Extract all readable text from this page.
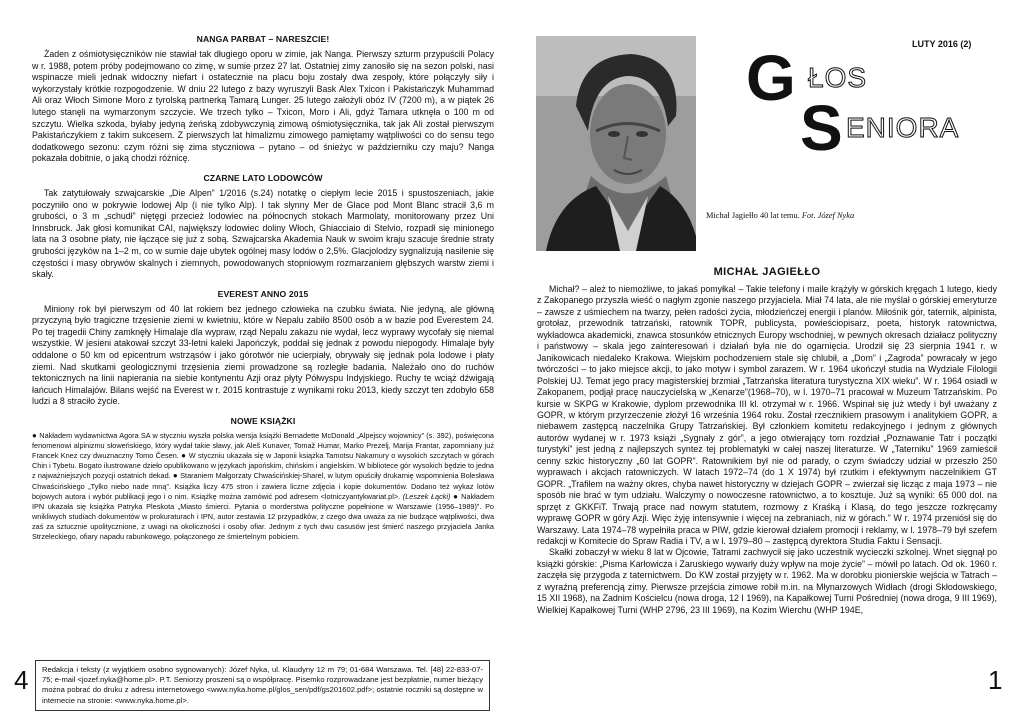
NANGA PARBAT – NARESZCIE!

Żaden z ośmiotysięczników nie stawiał tak długiego oporu w zimie, jak Nanga. Pierwszy szturm przypuścili Polacy w r. 1988, potem próby podejmowano co zimę, w sumie przez 27 lat. Ostatniej zimy zanosiło się na sezon polski, nasi wspinacze mieli jednak widoczny niefart i ostatecznie na placu boju zostały dwa zespoły, które połączyły siły i wykorzystały krótkie rozpogodzenie. W dniu 22 lutego z bazy wyruszyli Bask Alex Txicon i Pakistańczyk Muhammad Ali oraz Włoch Simone Moro z tyrolską partnerką Tamarą Lunger. 25 lutego założyli obóz IV (7200 m), a w piątek 26 lutego stanęli na wymarzonym szczycie. We trzech tylko – Txicon, Moro i Ali, gdyż Tamara utknęła o 100 m od szczytu. Wielka szkoda, byłaby jedyną żeńską zdobywczynią zimową ośmiotysięcznika, tak jak Ali został pierwszym Pakistańczykiem z takim sukcesem. Z pierwszych lat himalizmu zimowego pamiętamy wątpliwości co do sensu tego dodatkowego sezonu: czym różni się zima styczniowa – pytano – od śnieżyc w październiku czy maju? Nanga pokazała dobitnie, o jaką chodzi różnicę.

CZARNE LATO LODOWCÓW

Tak zatytułowały szwajcarskie „Die Alpen” 1/2016 (s.24) notatkę o ciepłym lecie 2015 i spustoszeniach, jakie poczyniło ono w pokrywie lodowej Alp (i nie tylko Alp). I tak słynny Mer de Glace pod Mont Blanc stracił 3,6 m grubości, o 3 m „schudł” niętęgi przecież lodowiec na północnych stokach Marmolaty, monitorowany przez Uni Innsbruck. Jak głosi komunikat CAI, największy lodowiec doliny Włoch, Ghiacciaio di Stelvio, rozpadł się minionego lata na 3 osobne płaty, nie łączące się już z sobą. Szwajcarska Akademia Nauk w swoim kraju szacuje średnie straty grubości języków na 1–2 m, co w sumie daje ubytek ogólnej masy lodów o 2,5%. Glacjolodzy sygnalizują nasilenie się częstości i masy obrywów skalnych i ziemnych, powodowanych stopniowym rozmarzaniem głębszych warstw ziemi i skały.

EVEREST ANNO 2015

Miniony rok był pierwszym od 40 lat rokiem bez jednego człowieka na czubku świata. Nie jedyną, ale główną przyczyną było tragiczne trzęsienie ziemi w kwietniu, które w Nepalu zabiło 8500 osób a w bazie pod Everestem 24. Po tej tragedii Chiny zamknęły Himalaje dla wypraw, rząd Nepalu zakazu nie wydał, lecz wyprawy wycofały się niemal wszystkie. W jesieni atakował szczyt 33-letni kaleki Japończyk, poddał się jednak z powodu niepogody. Himalaje były oddalone o 50 km od epicentrum wstrząsów i jako górotwór nie ucierpiały, obrywały się jednak pola lodowe i płaty ziemi. Nad skutkami geologicznymi trzęsienia ziemi prowadzone są rozległe badania. Należało ono do ruchów tektonicznych na linii napierania na siebie kontynentu Azji oraz płyty Półwyspu Indyjskiego. Ruchy te wciąż dźwigają łańcuch Himalajów. Bilans wejść na Everest w r. 2015 kontrastuje z wynikami roku 2013, kiedy szczyt ten zdobyło 658 ludzi a 8 straciło życie.

NOWE KSIĄŻKI

● Nakładem wydawnictwa Agora SA w styczniu wyszła polska wersja książki Bernadette McDonald „Alpejscy wojownicy” (s. 392), poświęcona fenomenowi alpinizmu słoweńskiego, który wydał takie sławy, jak Aleš Kunaver, Tomaž Humar, Marko Prezelj, Marija Frantar, zapomniany już Francek Knez czy dwuznaczny Tomo Česen. ● W styczniu ukazała się w Japonii książka Tamotsu Nakamury o wysokich szczytach w górach Chin i Tybetu. Bogato ilustrowane dzieło opublikowano w językach japońskim, chińskim i angielskim. W bibliotece gór wysokich będzie to jedna z najważniejszych pozycji ostatnich dekad. ● Staraniem Małgorzaty Chwaścińskiej-Sharel, w lutym opuściły drukarnię wspomnienia Bolesława Chwaścińskiego „Tylko niebo nade mną”. Książka liczy 475 stron i zawiera liczne zdjęcia i kopie dokumentów. Dodano też wykaz lotów bojowych autora i wybór publikacji jego i o nim. Książkę można zamówić pod adresem <lotniczyantykwariat.pl>. (Leszek Łącki) ● Nakładem IPN ukazała się książka Patryka Pleskota „Miasto śmierci. Pytania o morderstwa polityczne popełnione w Warszawie (1956–1989)”. Po wnikliwych studiach dokumentów w prokuraturach i IPN, autor zestawia 12 przypadków, z czego dwa uważa za nie budzące wątpliwości, dwa zaś za sztucznie upolitycznione, z uwagi na okoliczności i osoby ofiar. Jednym z tych dwu casusów jest śmierć naszego przyjaciela Janka Strzeleckiego, ofiary napadu rabunkowego, połączonego ze śmiertelnym pobiciem.

Redakcja i teksty (z wyjątkiem osobno sygnowanych): Józef Nyka, ul. Klaudyny 12 m 79; 01-684 Warszawa. Tel. [48] 22-833-07-75; e-mail <jozef.nyka@home.pl>. P.T. Seniorzy proszeni są o współpracę. Pisemko rozprowadzane jest bezpłatnie, numer bieżący można pobrać do druku z adresu internetowego <www.nyka.home.pl/glos_sen/pdf/gs201602.pdf>; ostatnie roczniki są dostępne w internecie na stronie: <www.nyka.home.pl>.
4
Michał Jagiełło 40 lat temu. Fot. Józef Nyka
LUTY 2016 (2)
G ŁOS
S ENIORA
MICHAŁ JAGIEŁŁO

Michał? – ależ to niemożliwe, to jakaś pomyłka! – Takie telefony i maile krążyły w górskich kręgach 1 lutego, kiedy z Zakopanego przyszła wieść o nagłym zgonie naszego przyjaciela. Miał 74 lata, ale nie myślał o górskiej emeryturze – zawsze z uśmiechem na twarzy, pełen radości życia, młodzieńczej energii i planów. Miłośnik gór, taternik, alpinista, grotołaz, przewodnik tatrzański, ratownik TOPR, publicysta, powieściopisarz, poeta, historyk ratownictwa, wykładowca akademicki, znawca stosunków etnicznych Europy wschodniej, w pewnych okresach działacz polityczny i państwowy – skala jego zainteresowań i działań była nie do ogarnięcia. Urodził się 23 sierpnia 1941 r. w Janikowicach niedaleko Krakowa. Wiejskim pochodzeniem stale się chlubił, a „Dom” i „Zagroda” powracały w jego twórczości – to jako miejsce akcji, to jako motyw i symbol zarazem. W r. 1964 ukończył studia na Wydziale Filologii Polskiej UJ. Temat jego pracy magisterskiej brzmiał „Tatrzańska literatura turystyczna XIX wieku”. W r. 1964 osiadł w Zakopanem, podjął pracę nauczycielską w „Kenarze”(1968–70), w l. 1970–71 pracował w Muzeum Tatrzańskim. Po kursie w SKPG w Krakowie, dyplom przewodnika III kl. otrzymał w r. 1966. Wspinał się już wtedy i był uważany z GOPR, w którym przyrzeczenie złożył 16 września 1964 roku. Został rzecznikiem prasowym i analitykiem GOPR, a niebawem zastępcą naczelnika Grupy Tatrzańskiej. Był członkiem komitetu redakcyjnego i jednym z głównych autorów wydanej w r. 1973 książi „Sygnały z gór”, a jego otwierający tom rozdział „Poznawanie Tatr i początki turystyki” jest jedną z najlepszych syntez tej problematyki w całej naszej literaturze. W „Taterniku” 1969 zamieścił cenny szkic historyczny „60 lat GOPR”. Ratownikiem był nie od parady, o czym świadczy udział w przeszło 250 wyprawach i akcjach ratowniczych. W latach 1972–74 (do 1 X 1974) był rzutkim i efektywnym naczelnikiem GT GOPR. „Trafiłem na ważny okres, chyba nawet historyczny w dziejach GOPR – zwierzał się licząc z maja 1973 – nie sposób nie brać w tym udziału. Walczymy o nowoczesne ratownictwo, a to kosztuje. Już są wyniki: 65 000 dol. na sprzęt z GKKFiT. Trwają prace nad nowym statutem, rozmowy z Kraśką i Klasą, do tego jeszcze rozkręcamy wyprawę GOPR w góry Azji. Więc żyję intensywnie i więcej na zebraniach, niż w górach.” W r. 1974 przeniósł się do Warszawy. Lata 1974–78 wypełniła praca w PIW, gdzie kierował działem promocji i reklamy, w l. 1978–79 był szefem redakcji w Komitecie do Spraw Radia i TV, a w l. 1979–80 – zastępcą dyrektora Studia Faktu i Sensacji.

Skałki zobaczył w wieku 8 lat w Ojcowie, Tatrami zachwycił się jako uczestnik wycieczki szkolnej. Wnet sięgnął po książki górskie: „Pisma Karłowicza i Zaruskiego wywarły duży wpływ na moje życie” – mówił po latach. Od ok. 1960 r. zaczęła się przygoda z taternictwem. Do KW został przyjęty w r. 1962. Ma w dorobku pionierskie wejścia w Tatrach – z wyraźną preferencją zimy. Pierwsze przejścia zimowe robił m.in. na Młynarzowych Widłach (drogi Skłodowskiego, 15 XII 1968), na Zadnim Kościelcu (nowa droga, 12 I 1969), na Kapałkowej Turni Pośredniej (nowa droga, 9 III 1969), Wielkiej Kapałkowej Turni (WHP 2796, 23 III 1969), na Kozim Wierchu (WHP 194E,

1
